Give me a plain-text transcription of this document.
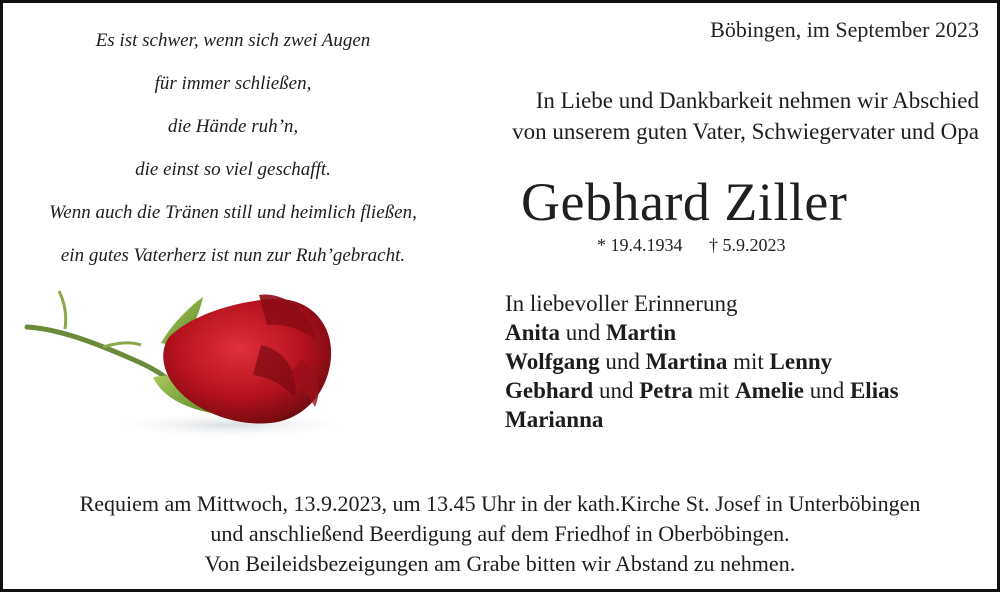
Es ist schwer, wenn sich zwei Augen
für immer schließen,
die Hände ruh’n,
die einst so viel geschafft.
Wenn auch die Tränen still und heimlich fließen,
ein gutes Vaterherz ist nun zur Ruh’gebracht.
Böbingen, im September 2023
In Liebe und Dankbarkeit nehmen wir Abschied
von unserem guten Vater, Schwiegervater und Opa
Gebhard Ziller
* 19.4.1934 † 5.9.2023
In liebevoller Erinnerung
Anita und Martin
Wolfgang und Martina mit Lenny
Gebhard und Petra mit Amelie und Elias
Marianna
Requiem am Mittwoch, 13.9.2023, um 13.45 Uhr in der kath.Kirche St. Josef in Unterböbingen
und anschließend Beerdigung auf dem Friedhof in Oberböbingen.
Von Beileidsbezeigungen am Grabe bitten wir Abstand zu nehmen.
